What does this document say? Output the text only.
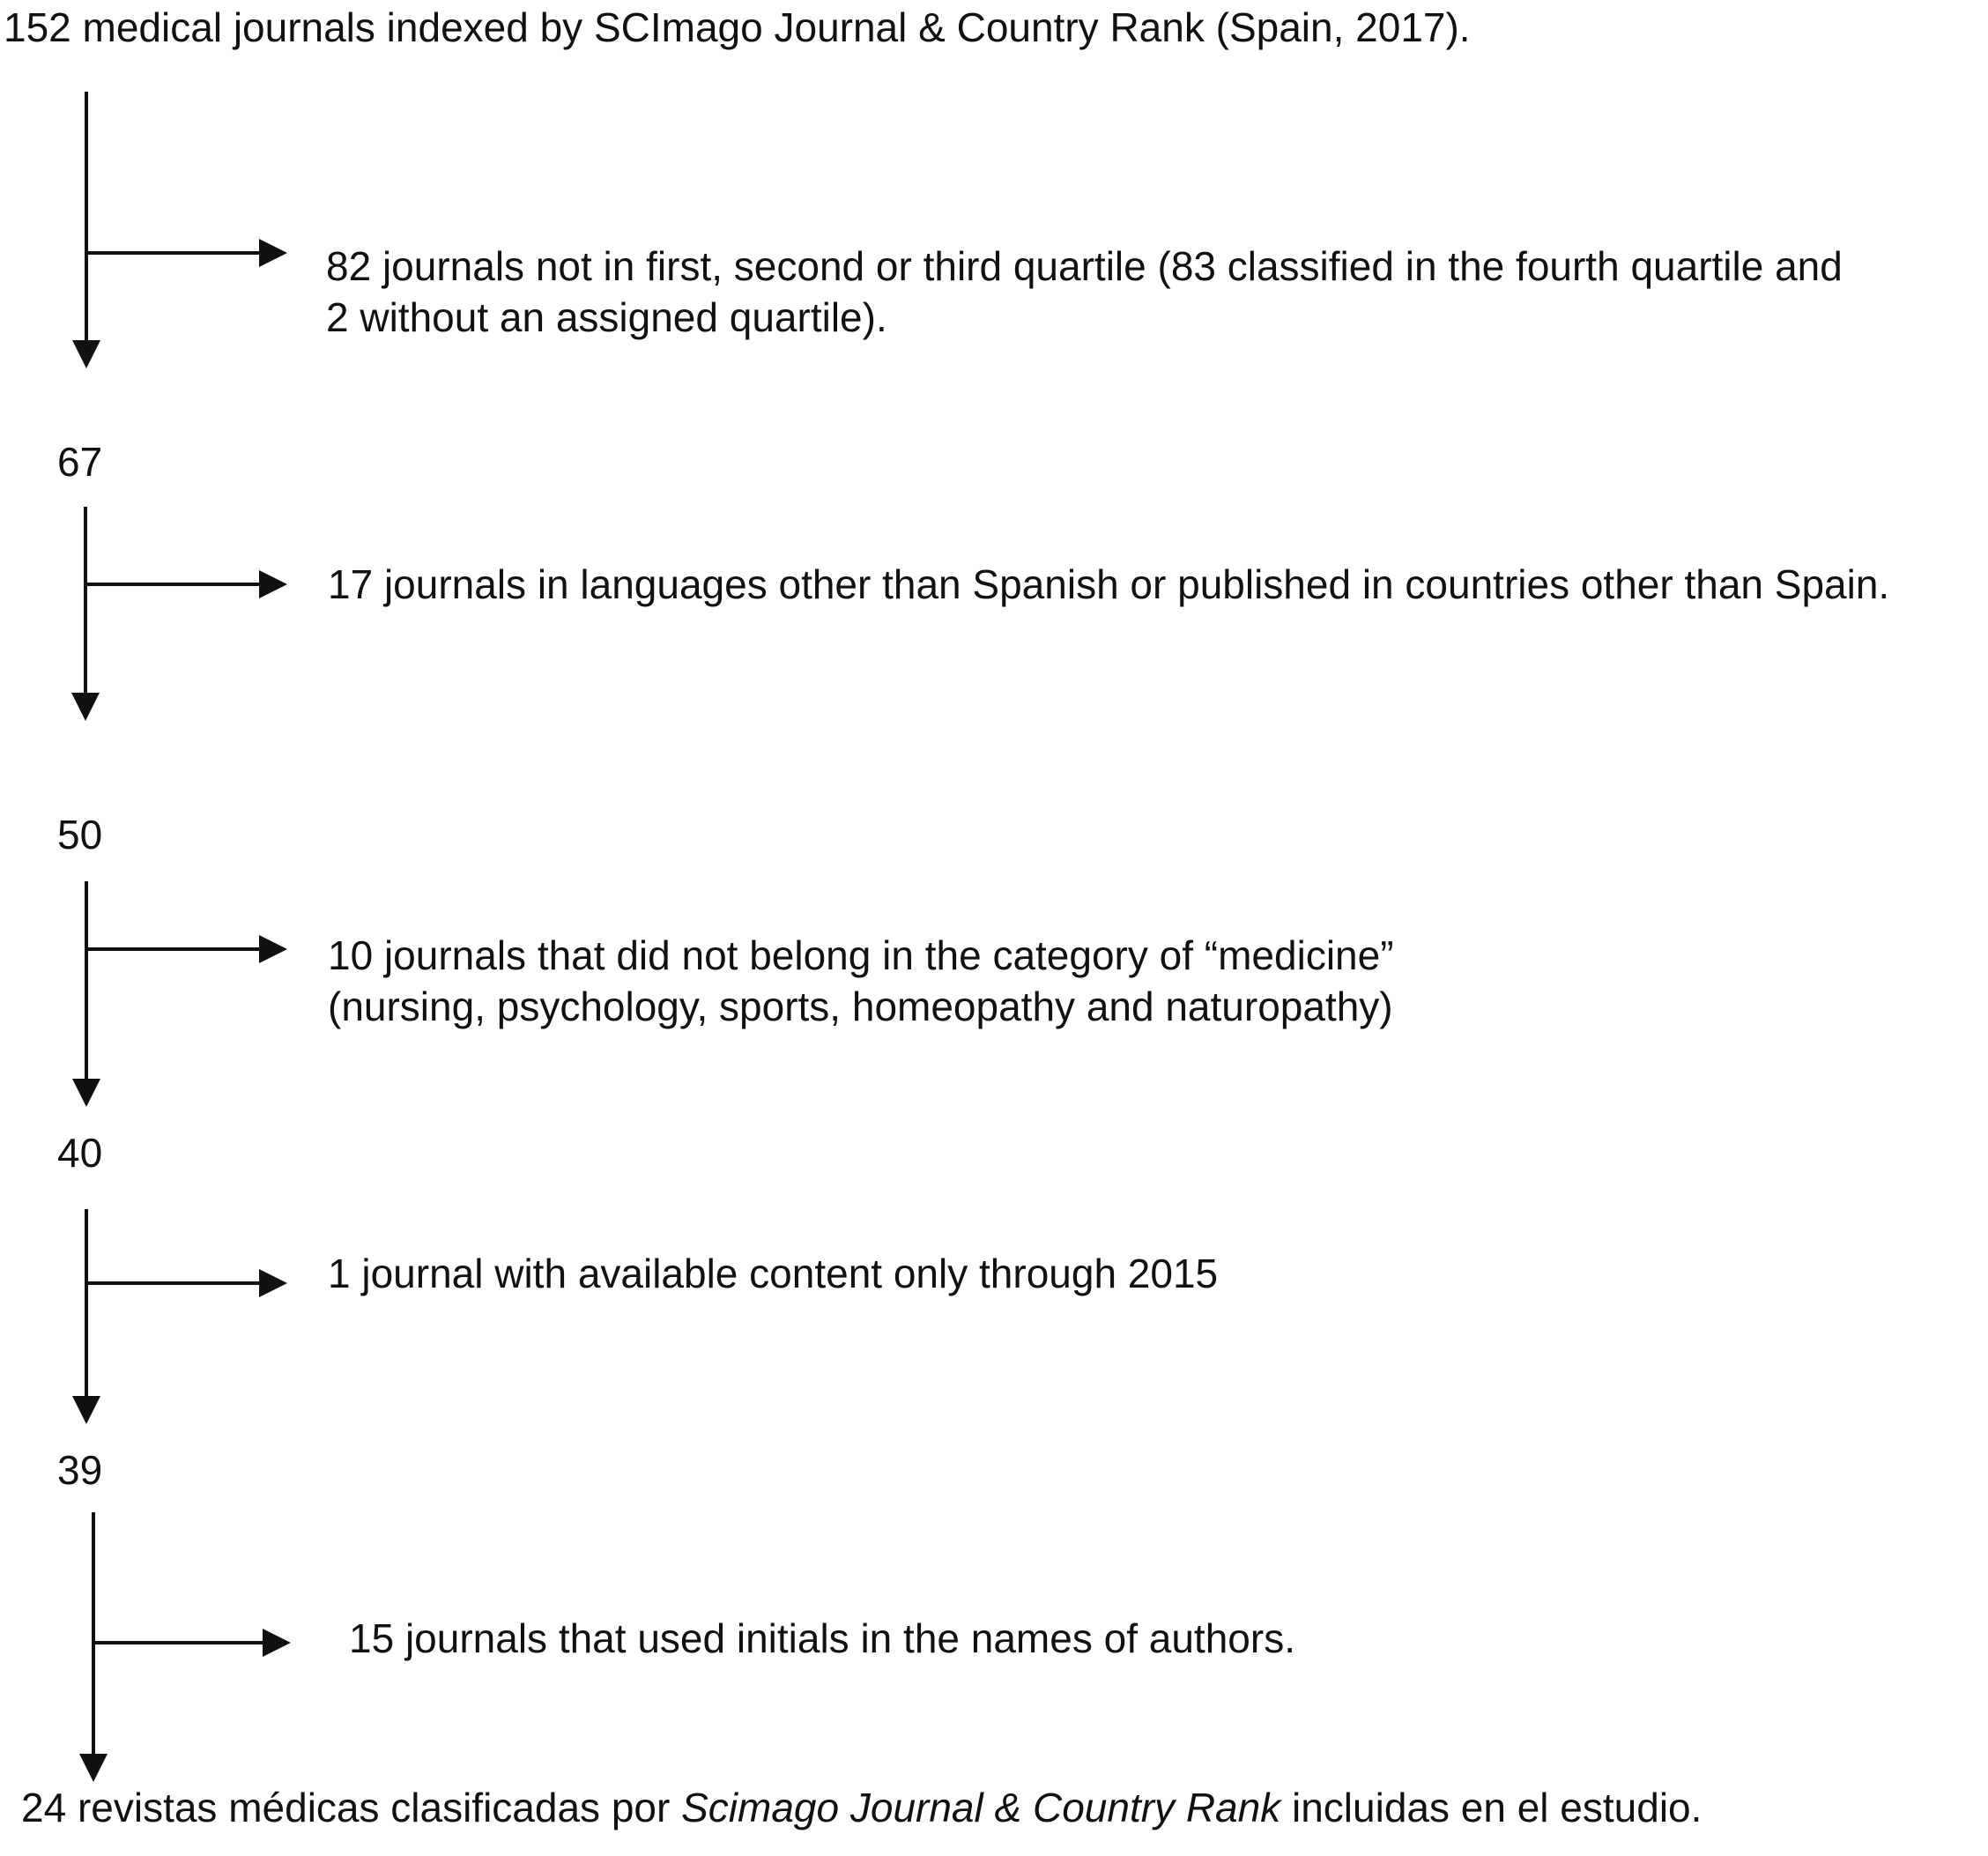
152 medical journals indexed by SCImago Journal & Country Rank (Spain, 2017).

82 journals not in first, second or third quartile (83 classified in the fourth quartile and
2 without an assigned quartile).

67

17 journals in languages other than Spanish or published in countries other than Spain.

50

10 journals that did not belong in the category of “medicine”
(nursing, psychology, sports, homeopathy and naturopathy)

40

1 journal with available content only through 2015

39

15 journals that used initials in the names of authors.

24 revistas médicas clasificadas por Scimago Journal & Country Rank incluidas en el estudio.
